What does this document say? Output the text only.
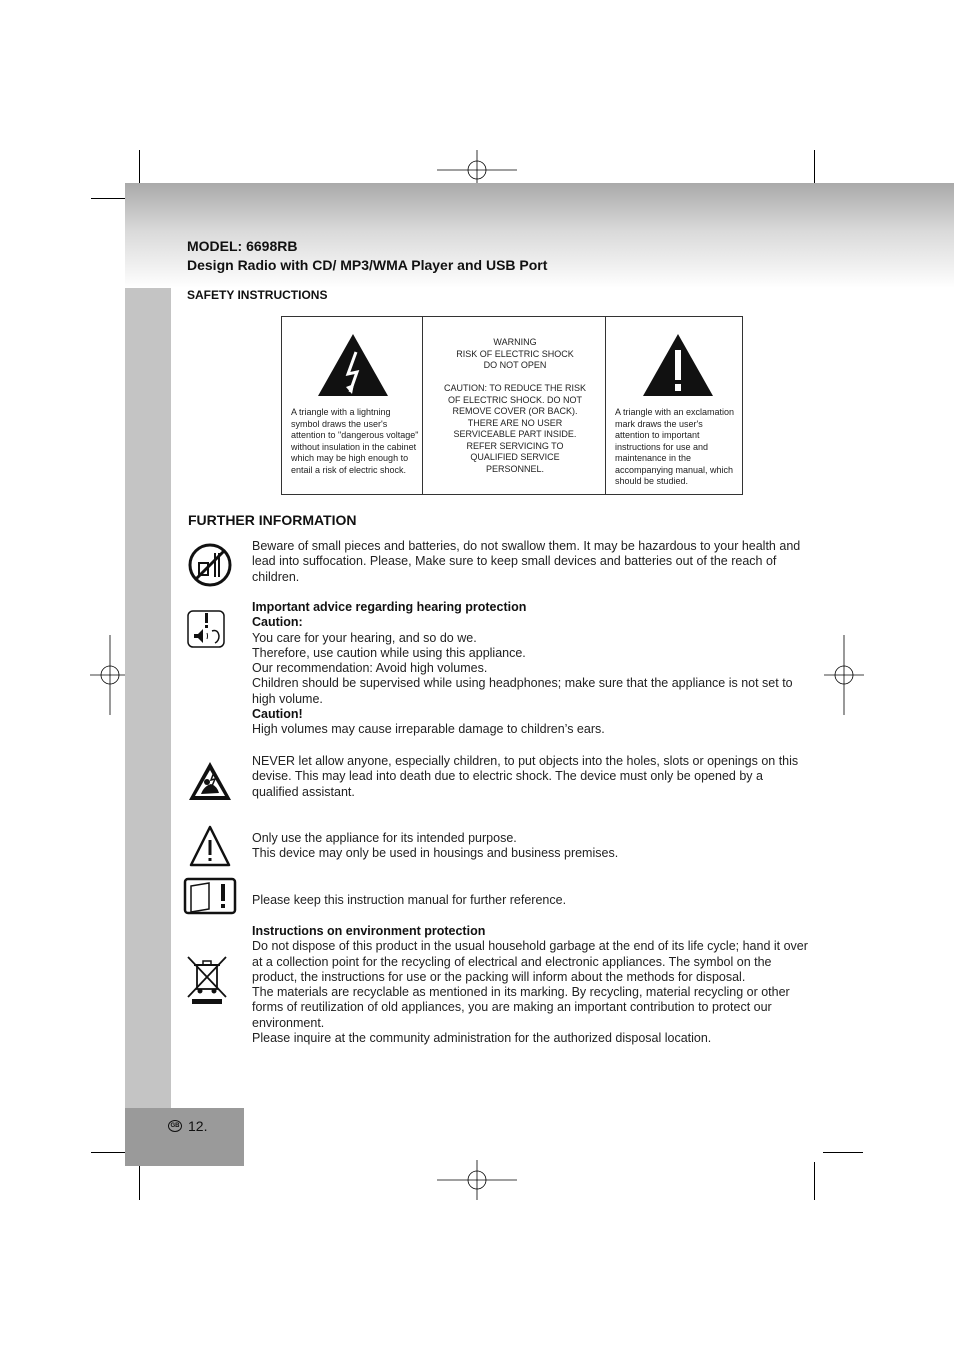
MODEL: 6698RB
Design Radio with CD/ MP3/WMA Player and USB Port
SAFETY INSTRUCTIONS
A triangle with a lightning symbol draws the user's attention to "dangerous voltage" without insulation in the cabinet which may be high enough to entail a risk of electric shock.
WARNING
RISK OF ELECTRIC SHOCK
DO NOT OPEN
CAUTION: TO REDUCE THE RISK
OF ELECTRIC SHOCK. DO NOT
REMOVE COVER (OR BACK).
THERE ARE NO USER
SERVICEABLE PART INSIDE.
REFER SERVICING TO
QUALIFIED SERVICE
PERSONNEL.
A triangle with an exclamation mark draws the user's attention to important instructions for use and maintenance in the accompanying manual, which should be studied.
FURTHER INFORMATION
Beware of small pieces and batteries, do not swallow them. It may be hazardous to your health and lead into suffocation. Please, Make sure to keep small devices and batteries out of the reach of children.
Important advice regarding hearing protection
Caution:
You care for your hearing, and so do we.
Therefore, use caution while using this appliance.
Our recommendation: Avoid high volumes.
Children should be supervised while using headphones; make sure that the appliance is not set to high volume.
Caution!
High volumes may cause irreparable damage to children’s ears.
NEVER let allow anyone, especially children, to put objects into the holes, slots or openings on this devise. This may lead into death due to electric shock. The device must only be opened by a qualified assistant.
Only use the appliance for its intended purpose.
This device may only be used in housings and business premises.
Please keep this instruction manual for further reference.
Instructions on environment protection
Do not dispose of this product in the usual household garbage at the end of its life cycle; hand it over at a collection point for the recycling of electrical and electronic appliances. The symbol on the product, the instructions for use or the packing will inform about the methods for disposal.
The materials are recyclable as mentioned in its marking. By recycling, material recycling or other forms of reutilization of old appliances, you are making an important contribution to protect our environment.
Please inquire at the community administration for the authorized disposal location.
GB 12.
